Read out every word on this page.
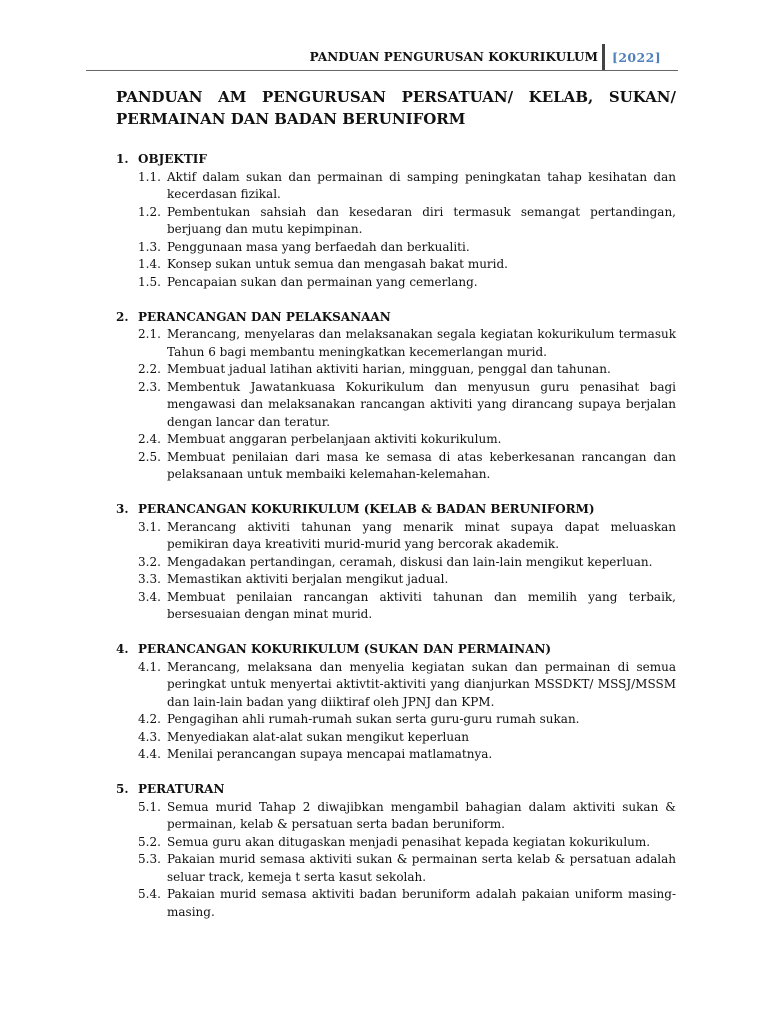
PANDUAN PENGURUSAN KOKURIKULUM [2022]
PANDUAN AM PENGURUSAN PERSATUAN/ KELAB, SUKAN/
PERMAINAN DAN BADAN BERUNIFORM
1. OBJEKTIF
1.1. Aktif dalam sukan dan permainan di samping peningkatan tahap kesihatan dan kecerdasan fizikal.
1.2. Pembentukan sahsiah dan kesedaran diri termasuk semangat pertandingan, berjuang dan mutu kepimpinan.
1.3. Penggunaan masa yang berfaedah dan berkualiti.
1.4. Konsep sukan untuk semua dan mengasah bakat murid.
1.5. Pencapaian sukan dan permainan yang cemerlang.
2. PERANCANGAN DAN PELAKSANAAN
2.1. Merancang, menyelaras dan melaksanakan segala kegiatan kokurikulum termasuk Tahun 6 bagi membantu meningkatkan kecemerlangan murid.
2.2. Membuat jadual latihan aktiviti harian, mingguan, penggal dan tahunan.
2.3. Membentuk Jawatankuasa Kokurikulum dan menyusun guru penasihat bagi mengawasi dan melaksanakan rancangan aktiviti yang dirancang supaya berjalan dengan lancar dan teratur.
2.4. Membuat anggaran perbelanjaan aktiviti kokurikulum.
2.5. Membuat penilaian dari masa ke semasa di atas keberkesanan rancangan dan pelaksanaan untuk membaiki kelemahan-kelemahan.
3. PERANCANGAN KOKURIKULUM (KELAB & BADAN BERUNIFORM)
3.1. Merancang aktiviti tahunan yang menarik minat supaya dapat meluaskan pemikiran daya kreativiti murid-murid yang bercorak akademik.
3.2. Mengadakan pertandingan, ceramah, diskusi dan lain-lain mengikut keperluan.
3.3. Memastikan aktiviti berjalan mengikut jadual.
3.4. Membuat penilaian rancangan aktiviti tahunan dan memilih yang terbaik, bersesuaian dengan minat murid.
4. PERANCANGAN KOKURIKULUM (SUKAN DAN PERMAINAN)
4.1. Merancang, melaksana dan menyelia kegiatan sukan dan permainan di semua peringkat untuk menyertai aktivtit-aktiviti yang dianjurkan MSSDKT/ MSSJ/MSSM dan lain-lain badan yang diiktiraf oleh JPNJ dan KPM.
4.2. Pengagihan ahli rumah-rumah sukan serta guru-guru rumah sukan.
4.3. Menyediakan alat-alat sukan mengikut keperluan
4.4. Menilai perancangan supaya mencapai matlamatnya.
5. PERATURAN
5.1. Semua murid Tahap 2 diwajibkan mengambil bahagian dalam aktiviti sukan & permainan, kelab & persatuan serta badan beruniform.
5.2. Semua guru akan ditugaskan menjadi penasihat kepada kegiatan kokurikulum.
5.3. Pakaian murid semasa aktiviti sukan & permainan serta kelab & persatuan adalah seluar track, kemeja t serta kasut sekolah.
5.4. Pakaian murid semasa aktiviti badan beruniform adalah pakaian uniform masing-masing.
